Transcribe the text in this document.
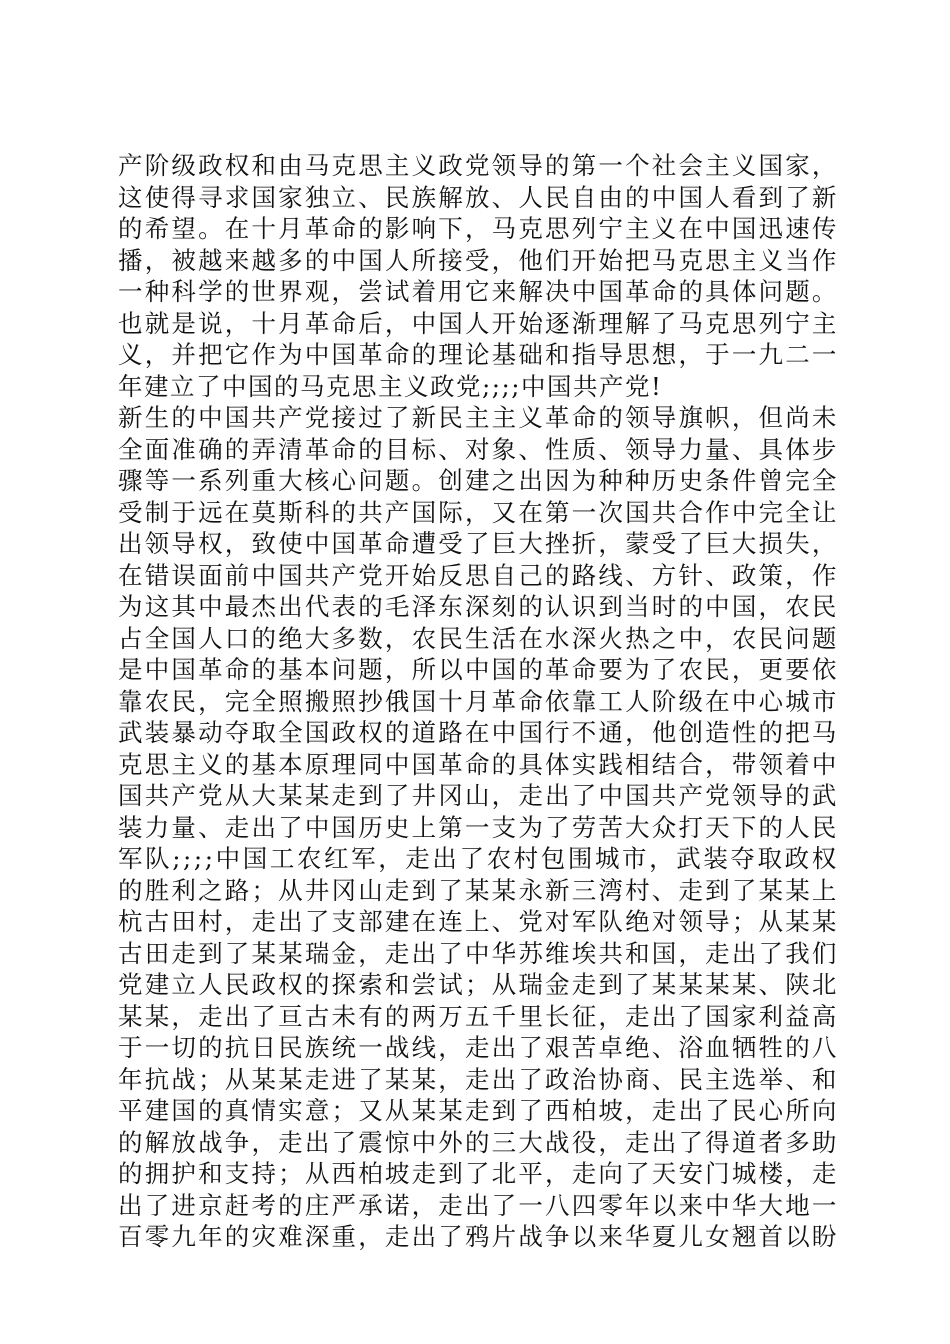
产 阶 级 政 权 和 由 马 克 思 主 义 政 党 领 导 的 第 一 个 社 会 主 义 国 家 ，
这 使 得 寻 求 国 家 独 立 、 民 族 解 放 、 人 民 自 由 的 中 国 人 看 到 了 新
的 希 望 。 在 十 月 革 命 的 影 响 下 ， 马 克 思 列 宁 主 义 在 中 国 迅 速 传
播 ， 被 越 来 越 多 的 中 国 人 所 接 受 ， 他 们 开 始 把 马 克 思 主 义 当 作
一 种 科 学 的 世 界 观 ， 尝 试 着 用 它 来 解 决 中 国 革 命 的 具 体 问 题 。
也 就 是 说 ， 十 月 革 命 后 ， 中 国 人 开 始 逐 渐 理 解 了 马 克 思 列 宁 主
义 ， 并 把 它 作 为 中 国 革 命 的 理 论 基 础 和 指 导 思 想 ， 于 一 九 二 一
年建立了中国的马克思主义政党;;;;中国共产党!
新 生 的 中 国 共 产 党 接 过 了 新 民 主 主 义 革 命 的 领 导 旗 帜 ， 但 尚 未
全 面 准 确 的 弄 清 革 命 的 目 标 、 对 象 、 性 质 、 领 导 力 量 、 具 体 步
骤 等 一 系 列 重 大 核 心 问 题 。 创 建 之 出 因 为 种 种 历 史 条 件 曾 完 全
受 制 于 远 在 莫 斯 科 的 共 产 国 际 ， 又 在 第 一 次 国 共 合 作 中 完 全 让
出 领 导 权 ， 致 使 中 国 革 命 遭 受 了 巨 大 挫 折 ， 蒙 受 了 巨 大 损 失 ，
在 错 误 面 前 中 国 共 产 党 开 始 反 思 自 己 的 路 线 、 方 针 、 政 策 ， 作
为 这 其 中 最 杰 出 代 表 的 毛 泽 东 深 刻 的 认 识 到 当 时 的 中 国 ， 农 民
占 全 国 人 口 的 绝 大 多 数 ， 农 民 生 活 在 水 深 火 热 之 中 ， 农 民 问 题
是 中 国 革 命 的 基 本 问 题 ， 所 以 中 国 的 革 命 要 为 了 农 民 ， 更 要 依
靠 农 民 ， 完 全 照 搬 照 抄 俄 国 十 月 革 命 依 靠 工 人 阶 级 在 中 心 城 市
武 装 暴 动 夺 取 全 国 政 权 的 道 路 在 中 国 行 不 通 ， 他 创 造 性 的 把 马
克 思 主 义 的 基 本 原 理 同 中 国 革 命 的 具 体 实 践 相 结 合 ， 带 领 着 中
国 共 产 党 从 大 某 某 走 到 了 井 冈 山 ， 走 出 了 中 国 共 产 党 领 导 的 武
装 力 量 、 走 出 了 中 国 历 史 上 第 一 支 为 了 劳 苦 大 众 打 天 下 的 人 民
军 队 ; ; ; ; 中 国 工 农 红 军 ， 走 出 了 农 村 包 围 城 市 ， 武 装 夺 取 政 权
的 胜 利 之 路 ； 从 井 冈 山 走 到 了 某 某 永 新 三 湾 村 、 走 到 了 某 某 上
杭 古 田 村 ， 走 出 了 支 部 建 在 连 上 、 党 对 军 队 绝 对 领 导 ； 从 某 某
古 田 走 到 了 某 某 瑞 金 ， 走 出 了 中 华 苏 维 埃 共 和 国 ， 走 出 了 我 们
党 建 立 人 民 政 权 的 探 索 和 尝 试 ； 从 瑞 金 走 到 了 某 某 某 某 、 陕 北
某 某 ， 走 出 了 亘 古 未 有 的 两 万 五 千 里 长 征 ， 走 出 了 国 家 利 益 高
于 一 切 的 抗 日 民 族 统 一 战 线 ， 走 出 了 艰 苦 卓 绝 、 浴 血 牺 牲 的 八
年 抗 战 ； 从 某 某 走 进 了 某 某 ， 走 出 了 政 治 协 商 、 民 主 选 举 、 和
平 建 国 的 真 情 实 意 ； 又 从 某 某 走 到 了 西 柏 坡 ， 走 出 了 民 心 所 向
的 解 放 战 争 ， 走 出 了 震 惊 中 外 的 三 大 战 役 ， 走 出 了 得 道 者 多 助
的 拥 护 和 支 持 ； 从 西 柏 坡 走 到 了 北 平 ， 走 向 了 天 安 门 城 楼 ， 走
出 了 进 京 赶 考 的 庄 严 承 诺 ， 走 出 了 一 八 四 零 年 以 来 中 华 大 地 一
百 零 九 年 的 灾 难 深 重 ， 走 出 了 鸦 片 战 争 以 来 华 夏 儿 女 翘 首 以 盼
